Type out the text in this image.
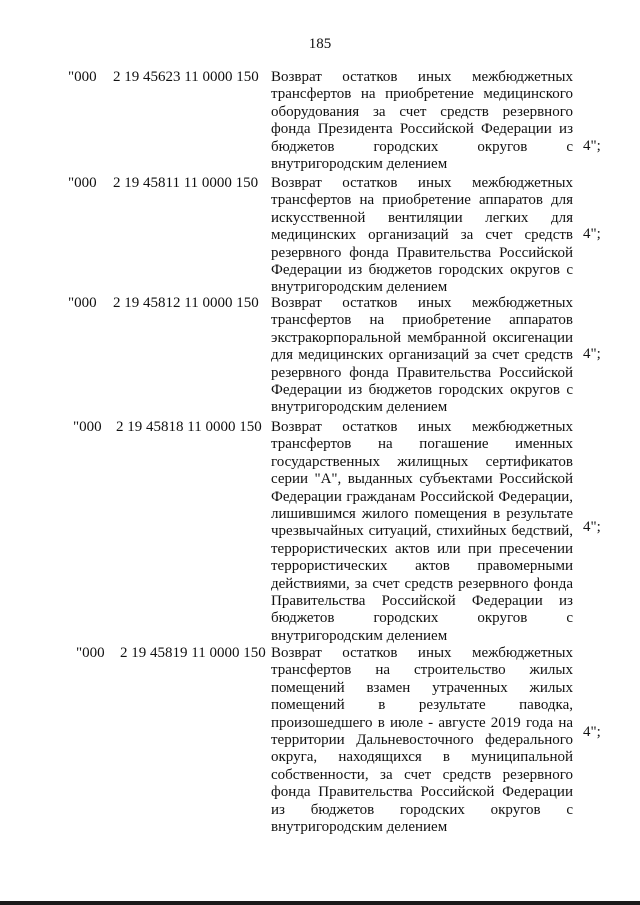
185
"000 2 19 45623 11 0000 150 Возврат остатков иных межбюджетных трансфертов на приобретение медицинского оборудования за счет средств резервного фонда Президента Российской Федерации из бюджетов городских округов с внутригородским делением
4";
"000 2 19 45811 11 0000 150 Возврат остатков иных межбюджетных трансфертов на приобретение аппаратов для искусственной вентиляции легких для медицинских организаций за счет средств резервного фонда Правительства Российской Федерации из бюджетов городских округов с внутригородским делением
4";
"000 2 19 45812 11 0000 150 Возврат остатков иных межбюджетных трансфертов на приобретение аппаратов экстракорпоральной мембранной оксигенации для медицинских организаций за счет средств резервного фонда Правительства Российской Федерации из бюджетов городских округов с внутригородским делением
4";
"000 2 19 45818 11 0000 150 Возврат остатков иных межбюджетных трансфертов на погашение именных государственных жилищных сертификатов серии "А", выданных субъектами Российской Федерации гражданам Российской Федерации, лишившимся жилого помещения в результате чрезвычайных ситуаций, стихийных бедствий, террористических актов или при пресечении террористических актов правомерными действиями, за счет средств резервного фонда Правительства Российской Федерации из бюджетов городских округов с внутригородским делением
4";
"000 2 19 45819 11 0000 150 Возврат остатков иных межбюджетных трансфертов на строительство жилых помещений взамен утраченных жилых помещений в результате паводка, произошедшего в июле - августе 2019 года на территории Дальневосточного федерального округа, находящихся в муниципальной собственности, за счет средств резервного фонда Правительства Российской Федерации из бюджетов городских округов с внутригородским делением
4";
